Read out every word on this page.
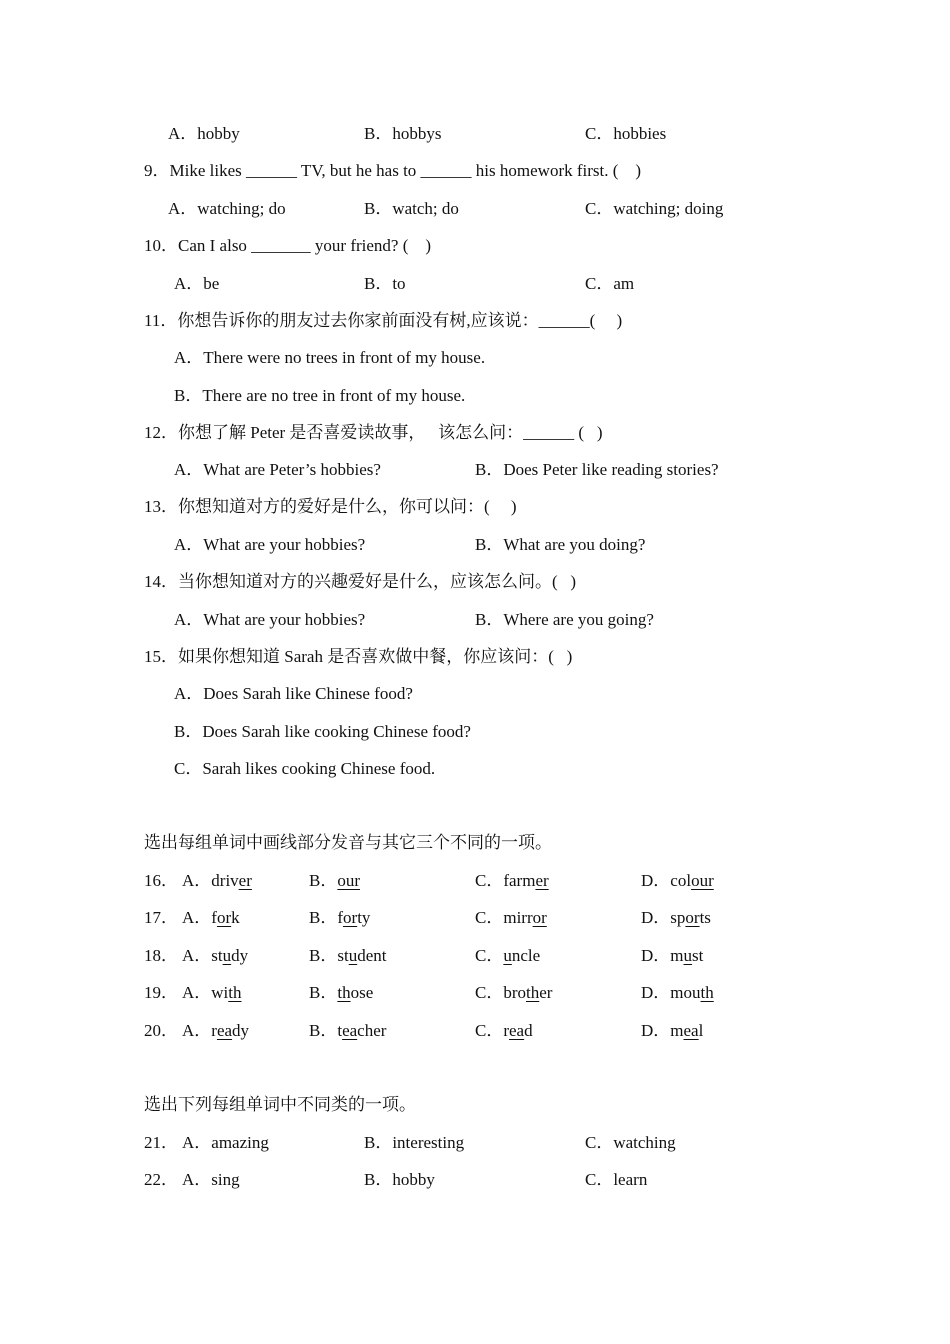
A．hobby	B．hobbys	C．hobbies
9．Mike likes ______ TV, but he has to ______ his homework first. (    )
A．watching; do	B．watch; do	C．watching; doing
10．Can I also _______ your friend? (    )
A．be	B．to	C．am
11．你想告诉你的朋友过去你家前面没有树,应该说：______(     )
A．There were no trees in front of my house.
B．There are no tree in front of my house.
12．你想了解 Peter 是否喜爱读故事，   该怎么问：______ (   )
A．What are Peter’s hobbies?	B．Does Peter like reading stories?
13．你想知道对方的爱好是什么，你可以问：(     )
A．What are your hobbies?	B．What are you doing?
14．当你想知道对方的兴趣爱好是什么，应该怎么问。(   )
A．What are your hobbies?	B．Where are you going?
15．如果你想知道 Sarah 是否喜欢做中餐，你应该问：(   )
A．Does Sarah like Chinese food?
B．Does Sarah like cooking Chinese food?
C．Sarah likes cooking Chinese food.
选出每组单词中画线部分发音与其它三个不同的一项。
16． A．driver	B．our	C．farmer	D．colour
17． A．fork	B．forty	C．mirror	D．sports
18． A．study	B．student	C．uncle	D．must
19． A．with	B．those	C．brother	D．mouth
20． A．ready	B．teacher	C．read	D．meal
选出下列每组单词中不同类的一项。
21． A．amazing	B．interesting	C．watching
22． A．sing	B．hobby	C．learn
